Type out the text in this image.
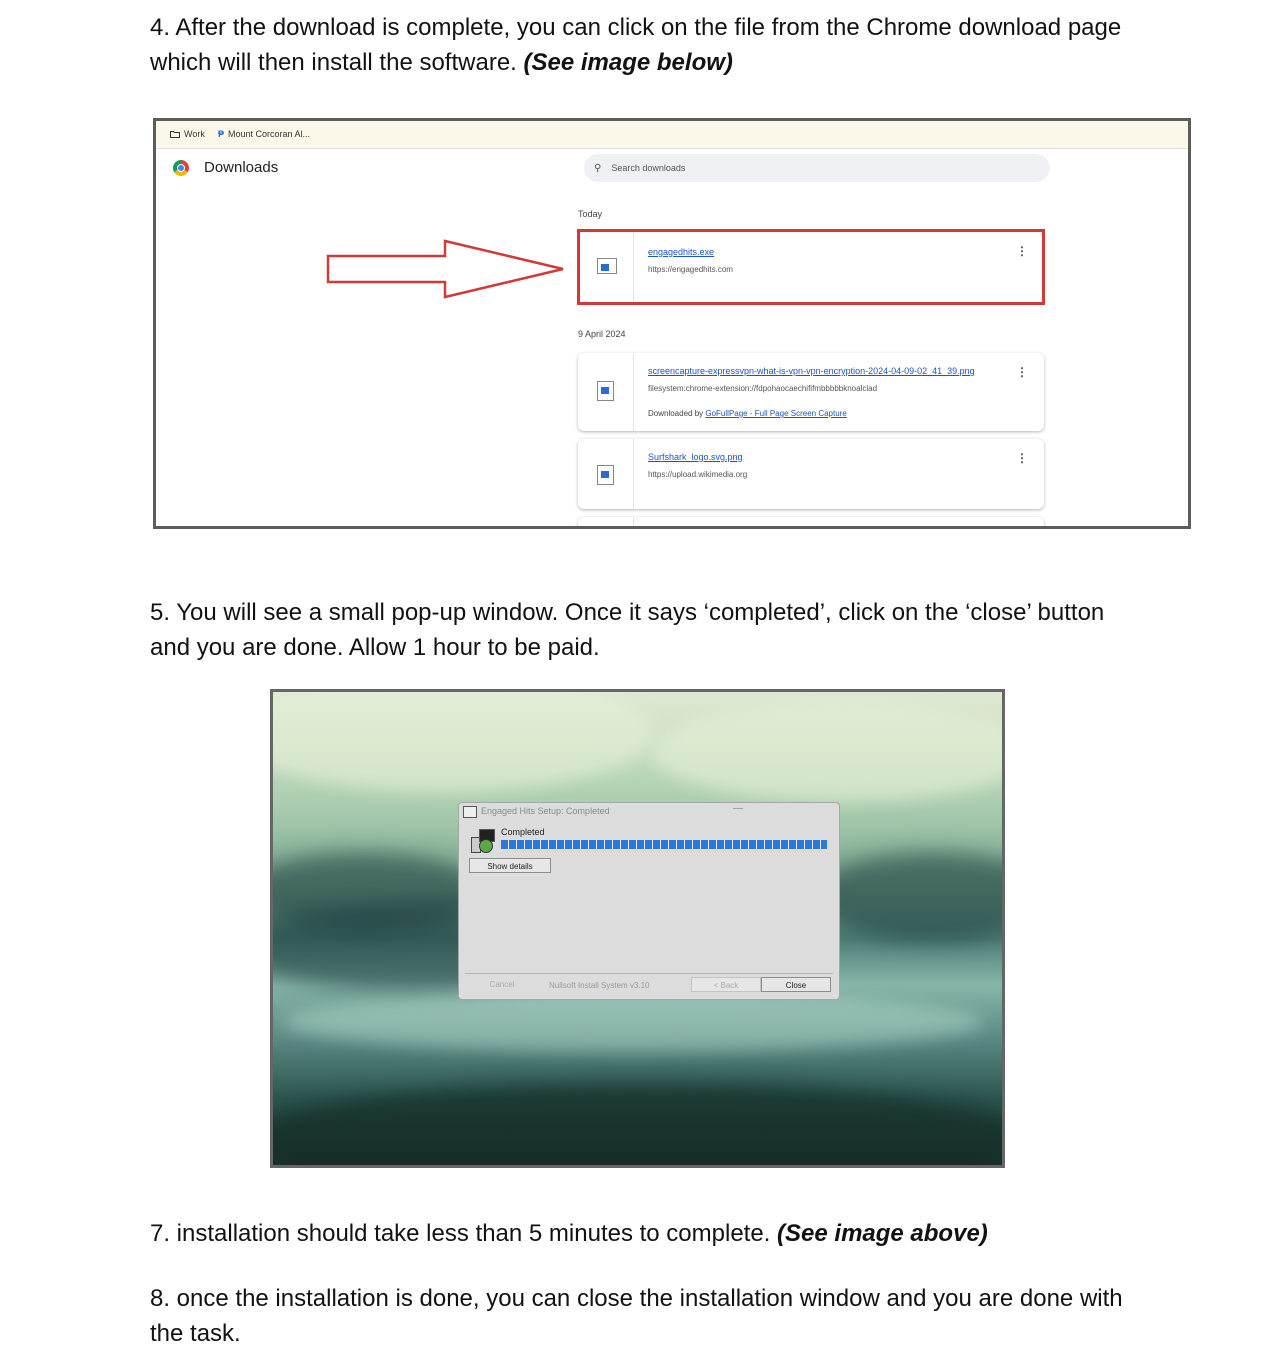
4. After the download is complete, you can click on the file from the Chrome download page which will then install the software. (See image below)
Work ₱ Mount Corcoran Al...
Downloads	⚲ Search downloads
Today
engagedhits.exe
https://engagedhits.com
⋮
9 April 2024
screencapture-expressvpn-what-is-vpn-vpn-encryption-2024-04-09-02_41_39.png
filesystem:chrome-extension://fdpohaocaechififmbbbbbknoalclad
Downloaded by GoFullPage - Full Page Screen Capture
⋮
Surfshark_logo.svg.png
https://upload.wikimedia.org
⋮
5. You will see a small pop-up window. Once it says ‘completed’, click on the ‘close’ button and you are done. Allow 1 hour to be paid.
Engaged Hits Setup: Completed	—
Completed
Show details
Cancel	Nullsoft Install System v3.10	< Back	Close
7. installation should take less than 5 minutes to complete. (See image above)
8. once the installation is done, you can close the installation window and you are done with the task.
